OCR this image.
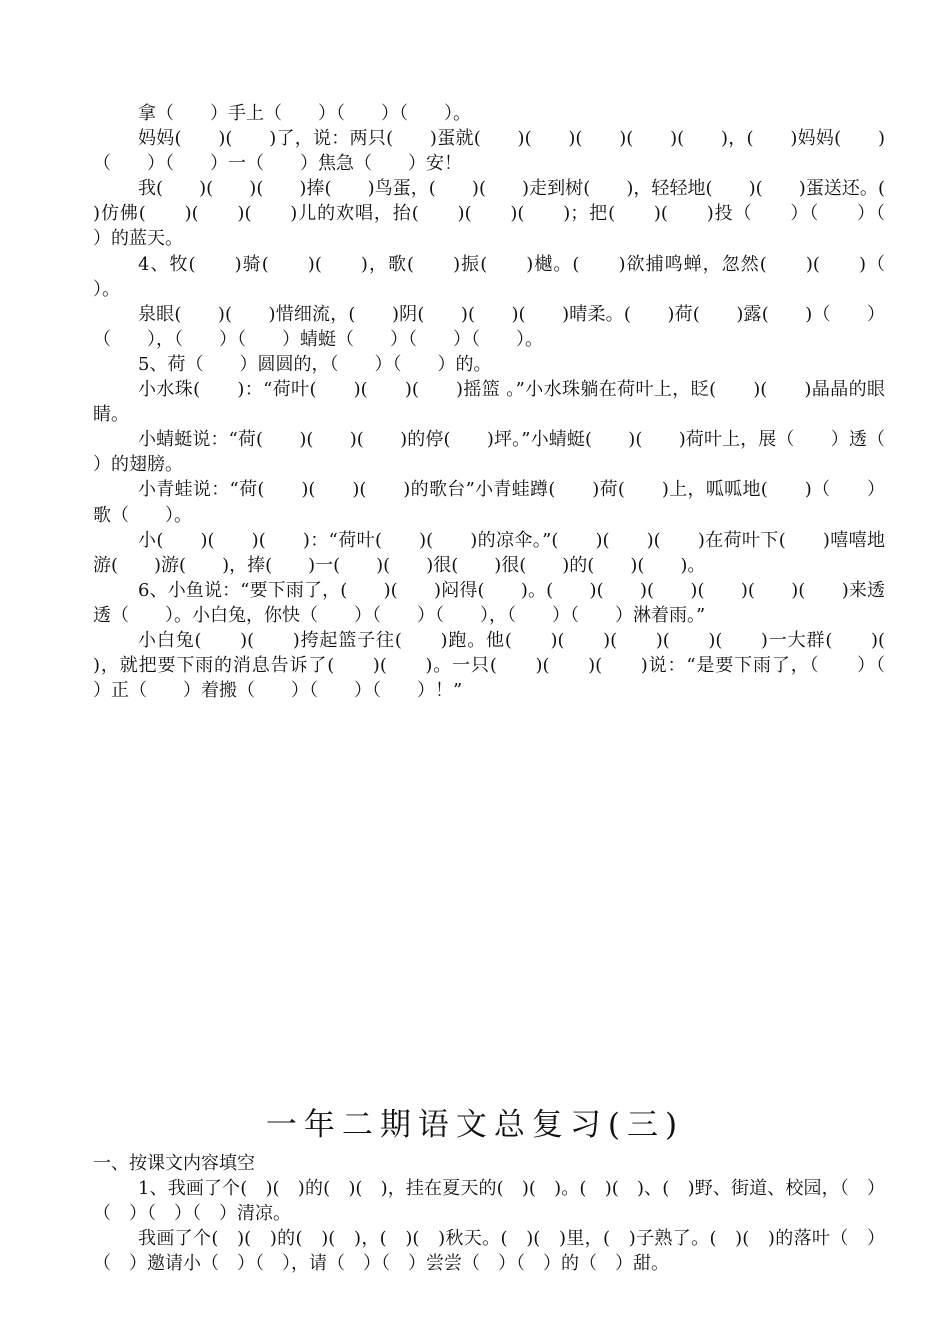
拿（　　）手上（　　）（　　）（　　）。

妈妈(　　)(　　)了，说：两只(　　)蛋就(　　)(　　)(　　)(　　)(　　)，(　　)妈妈(　　)（　　）（　　）一（　　）焦急（　　）安！

我(　　)(　　)(　　)捧(　　)鸟蛋，(　　)(　　)走到树(　　)，轻轻地(　　)(　　)蛋送还。(　　)仿佛(　　)(　　)(　　)儿的欢唱，抬(　　)(　　)(　　)；把(　　)(　　)投（　　）（　　）（　　）的蓝天。

4、牧(　　)骑(　　)(　　)，歌(　　)振(　　)樾。(　　)欲捕鸣蝉，忽然(　　)(　　)（　　）。

泉眼(　　)(　　)惜细流，(　　)阴(　　)(　　)(　　)晴柔。(　　)荷(　　)露(　　)（　　）（　　），（　　）（　　）蜻蜓（　　）（　　）（　　）。

5、荷（　　）圆圆的，（　　）（　　）的。

小水珠(　　)：“荷叶(　　)(　　)(　　)摇篮 。”小水珠躺在荷叶上，眨(　　)(　　)晶晶的眼睛。

小蜻蜓说：“荷(　　)(　　)(　　)的停(　　)坪。”小蜻蜓(　　)(　　)荷叶上，展（　　）透（　　）的翅膀。

小青蛙说：“荷(　　)(　　)(　　)的歌台”小青蛙蹲(　　)荷(　　)上，呱呱地(　　)（　　）歌（　　）。

小(　　)(　　)(　　)：“荷叶(　　)(　　)的凉伞。”(　　)(　　)(　　)在荷叶下(　　)嘻嘻地游(　　)游(　　)，捧(　　)一(　　)(　　)很(　　)很(　　)的(　　)(　　)。

6、小鱼说：“要下雨了，(　　)(　　)闷得(　　)。(　　)(　　)(　　)(　　)(　　)(　　)来透透（　　）。小白兔，你快（　　）（　　）（　　），（　　）（　　）淋着雨。”

小白兔(　　)(　　)挎起篮子往(　　)跑。他(　　)(　　)(　　)(　　)(　　)一大群(　　)(　　)，就把要下雨的消息告诉了(　　)(　　)。一只(　　)(　　)(　　)说：“是要下雨了，（　　）（　　）正（　　）着搬（　　）（　　）（　　）！”

一年二期语文总复习(三)

一、按课文内容填空

1、我画了个(　)(　)的(　)(　)，挂在夏天的(　)(　)。(　)(　)、(　)野、街道、校园，（　）（　）（　）（　）清凉。

我画了个(　)(　)的(　)(　)，(　)(　)秋天。(　)(　)里，(　)子熟了。(　)(　)的落叶（　）（　）邀请小（　）（　），请（　）（　）尝尝（　）（　）的（　）甜。
